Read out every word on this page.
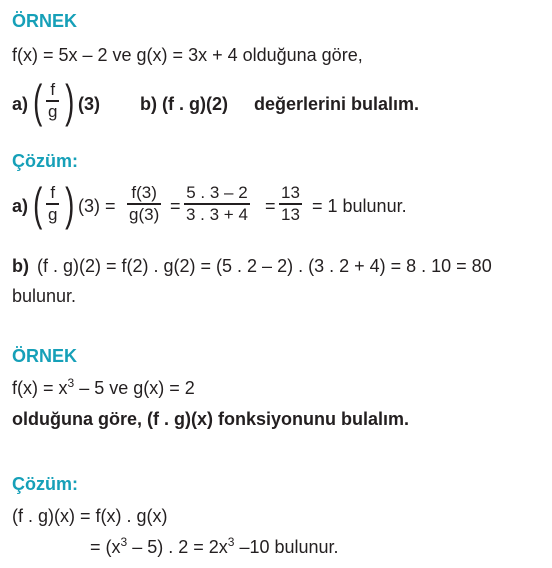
ÖRNEK
f(x) = 5x – 2 ve g(x) = 3x + 4 olduğuna göre,
a) ( f
g ) (3) b) (f . g)(2) değerlerini bulalım.
Çözüm:
a) ( f
g ) (3) =
f(3)
g(3) =
5 . 3 – 2
3 . 3 + 4 =
13
13 = 1 bulunur.
b) (f . g)(2) = f(2) . g(2) = (5 . 2 – 2) . (3 . 2 + 4) = 8 . 10 = 80
bulunur.
ÖRNEK
$f(x) = x^3 - 5$ ve g(x) = 2
olduğuna göre, (f . g)(x) fonksiyonunu bulalım.
Çözüm:
(f . g)(x) = f(x) . g(x)
= $(x^3 - 5)$ . $2 = 2x^3$ –10 bulunur.
